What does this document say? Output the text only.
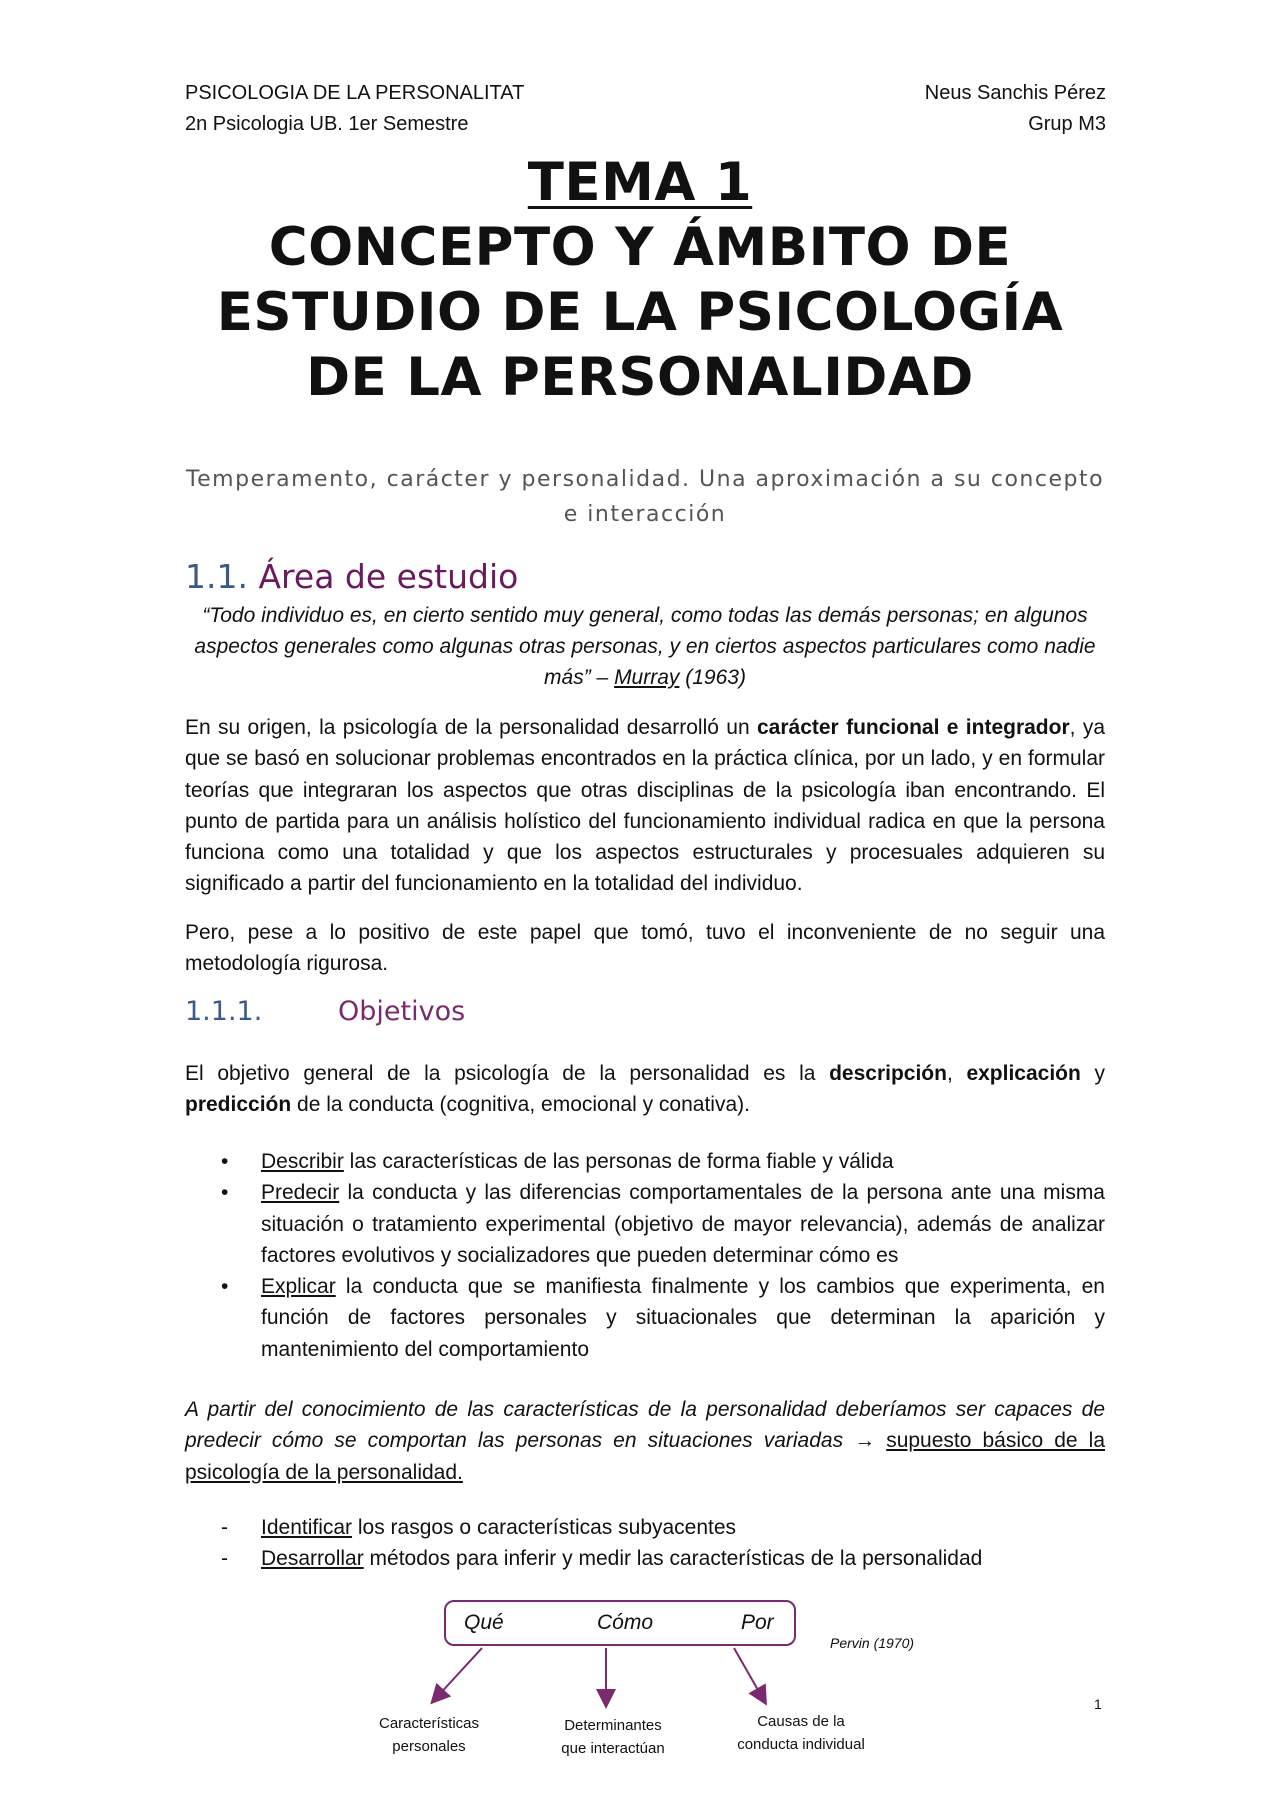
PSICOLOGIA DE LA PERSONALITAT
2n Psicologia UB. 1er Semestre
Neus Sanchis Pérez
Grup M3
TEMA 1
CONCEPTO Y ÁMBITO DE
ESTUDIO DE LA PSICOLOGÍA
DE LA PERSONALIDAD
Temperamento, carácter y personalidad. Una aproximación a su concepto e interacción
1.1. Área de estudio
“Todo individuo es, en cierto sentido muy general, como todas las demás personas; en algunos aspectos generales como algunas otras personas, y en ciertos aspectos particulares como nadie más” – Murray (1963)
En su origen, la psicología de la personalidad desarrolló un carácter funcional e integrador, ya que se basó en solucionar problemas encontrados en la práctica clínica, por un lado, y en formular teorías que integraran los aspectos que otras disciplinas de la psicología iban encontrando. El punto de partida para un análisis holístico del funcionamiento individual radica en que la persona funciona como una totalidad y que los aspectos estructurales y procesuales adquieren su significado a partir del funcionamiento en la totalidad del individuo.
Pero, pese a lo positivo de este papel que tomó, tuvo el inconveniente de no seguir una metodología rigurosa.
1.1.1.	Objetivos
El objetivo general de la psicología de la personalidad es la descripción, explicación y predicción de la conducta (cognitiva, emocional y conativa).
• Describir las características de las personas de forma fiable y válida
• Predecir la conducta y las diferencias comportamentales de la persona ante una misma situación o tratamiento experimental (objetivo de mayor relevancia), además de analizar factores evolutivos y socializadores que pueden determinar cómo es
• Explicar la conducta que se manifiesta finalmente y los cambios que experimenta, en función de factores personales y situacionales que determinan la aparición y mantenimiento del comportamiento
A partir del conocimiento de las características de la personalidad deberíamos ser capaces de predecir cómo se comportan las personas en situaciones variadas → supuesto básico de la psicología de la personalidad.
- Identificar los rasgos o características subyacentes
- Desarrollar métodos para inferir y medir las características de la personalidad
Qué	Cómo	Por
Características
personales
Determinantes
que interactúan
Causas de la
conducta individual
Pervin (1970)
1
